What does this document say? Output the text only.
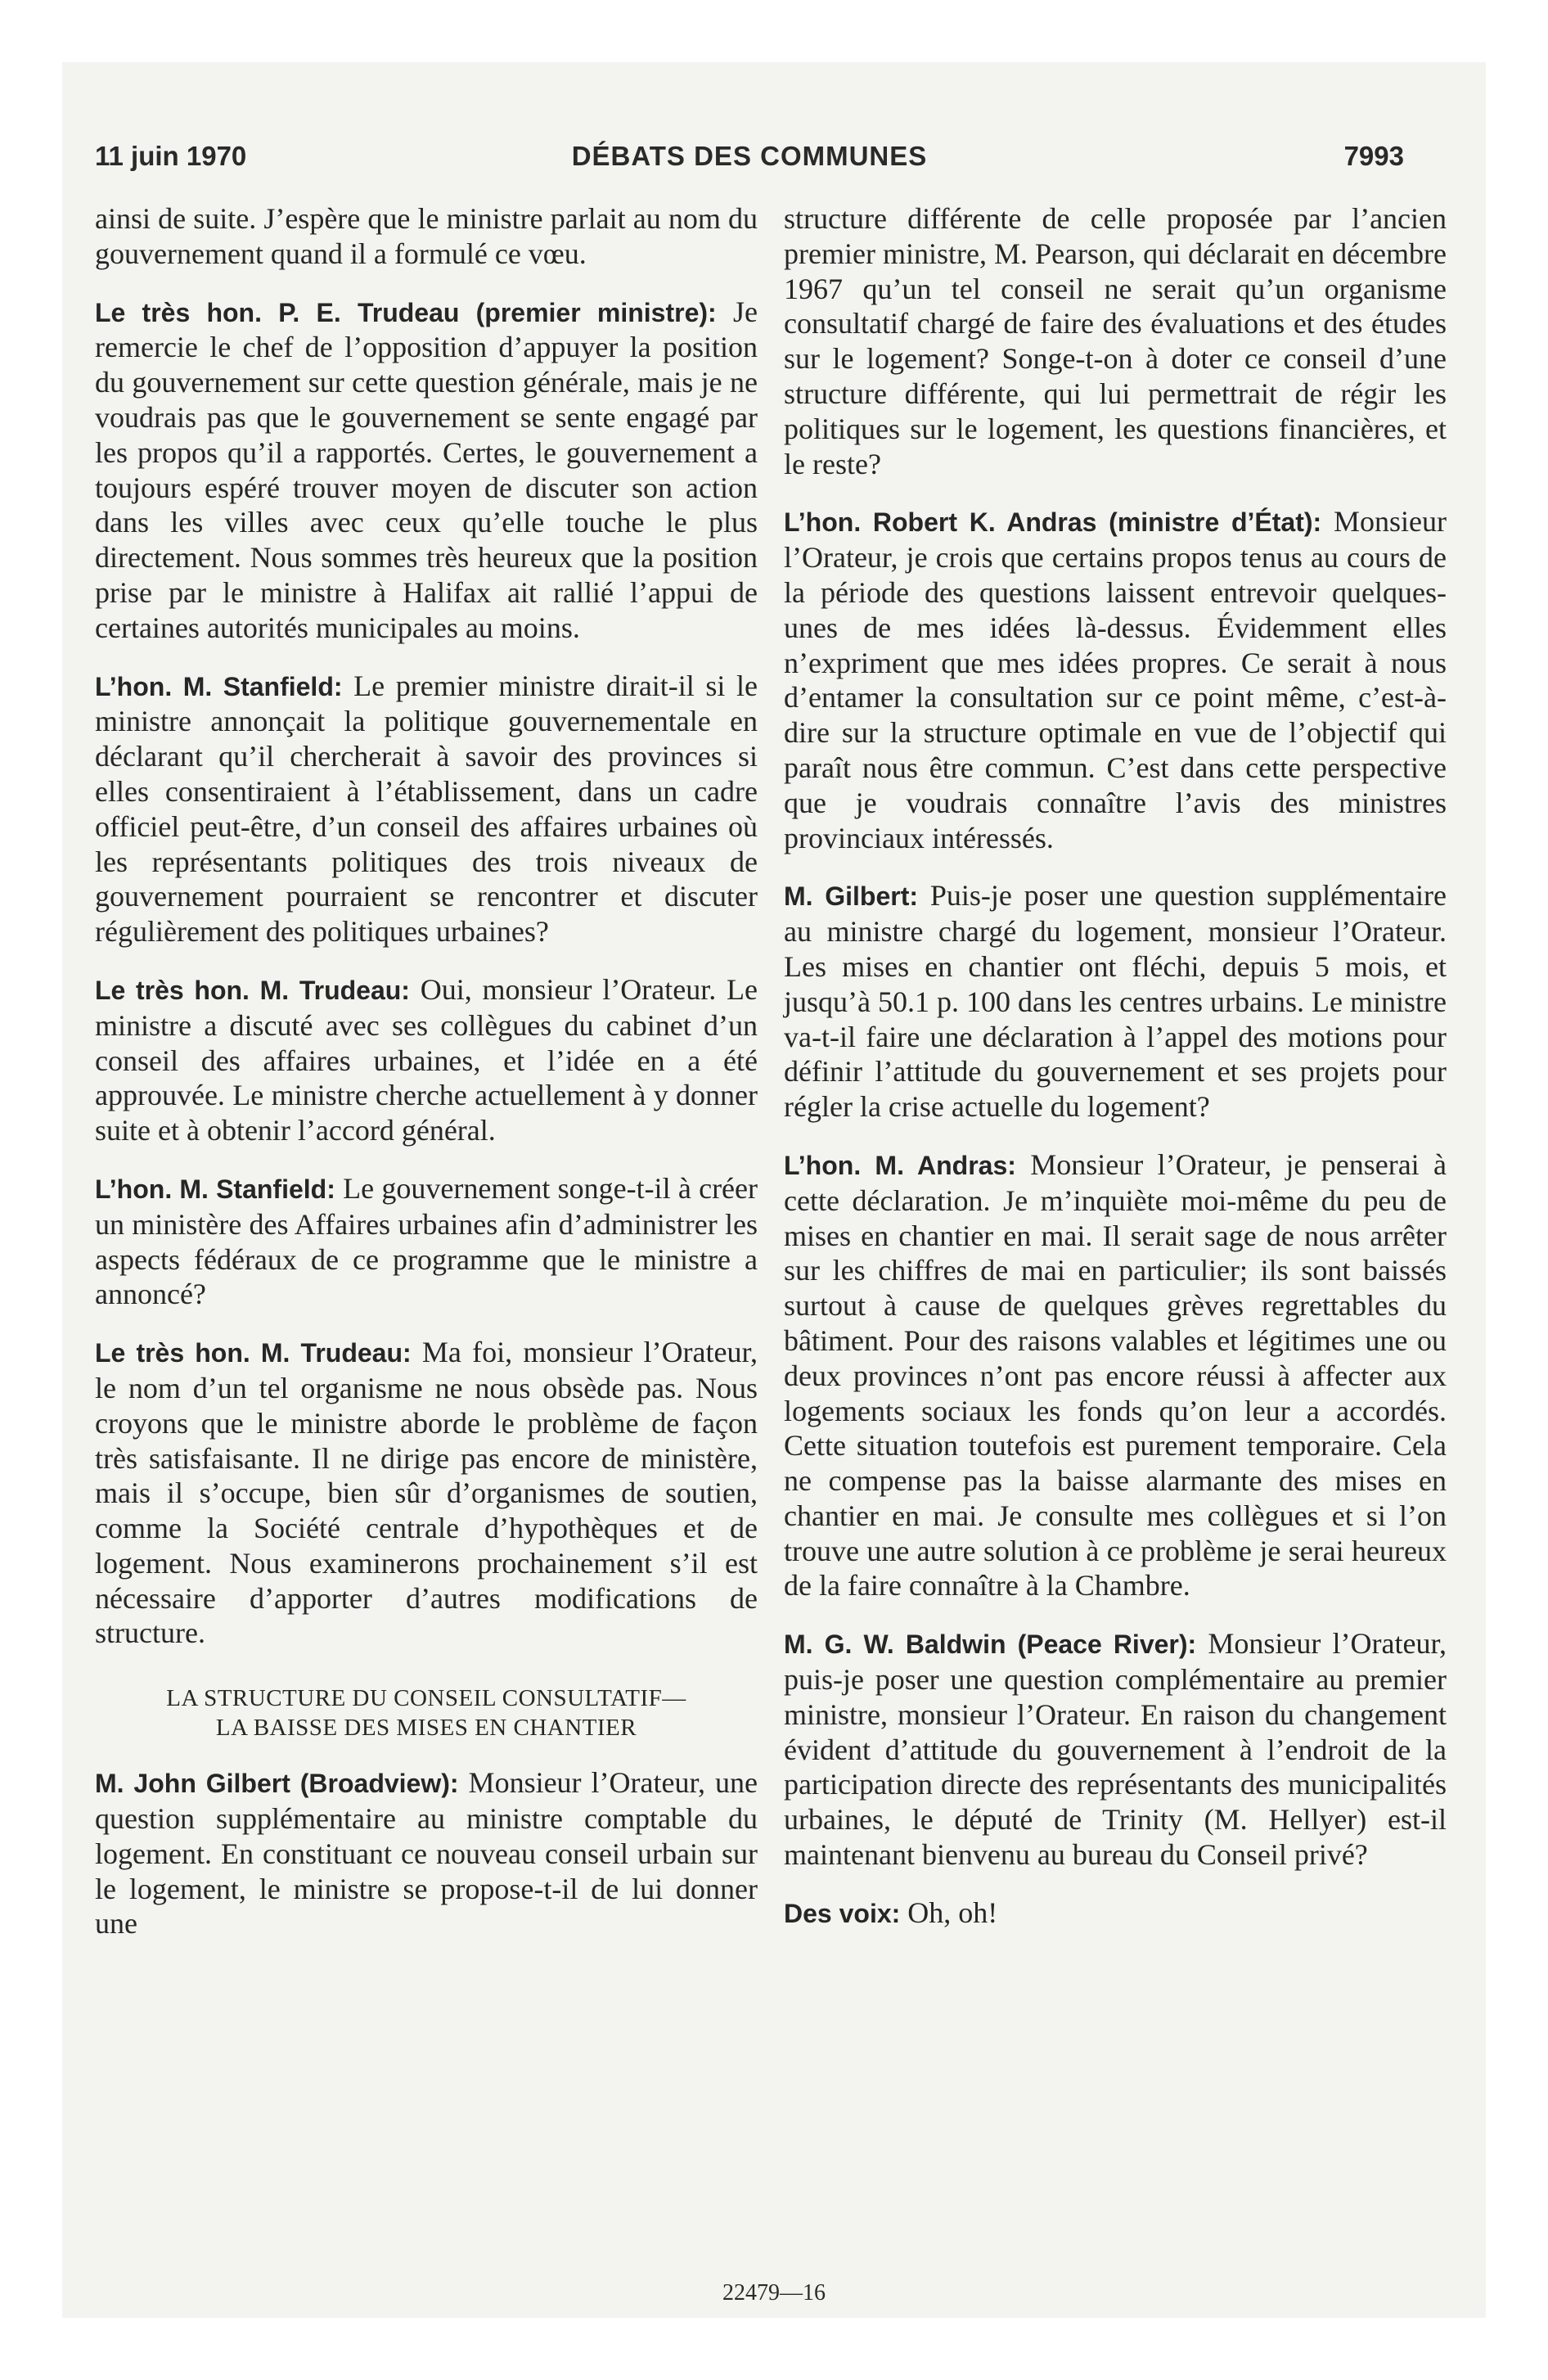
11 juin 1970	DÉBATS DES COMMUNES	7993

ainsi de suite. J’espère que le ministre parlait au nom du gouvernement quand il a formulé ce vœu.

Le très hon. P. E. Trudeau (premier ministre): Je remercie le chef de l’opposition d’appuyer la position du gouvernement sur cette question générale, mais je ne voudrais pas que le gouvernement se sente engagé par les propos qu’il a rapportés. Certes, le gouvernement a toujours espéré trouver moyen de discuter son action dans les villes avec ceux qu’elle touche le plus directement. Nous sommes très heureux que la position prise par le ministre à Halifax ait rallié l’appui de certaines autorités municipales au moins.

L’hon. M. Stanfield: Le premier ministre dirait-il si le ministre annonçait la politique gouvernementale en déclarant qu’il chercherait à savoir des provinces si elles consentiraient à l’établissement, dans un cadre officiel peut-être, d’un conseil des affaires urbaines où les représentants politiques des trois niveaux de gouvernement pourraient se rencontrer et discuter régulièrement des politiques urbaines?

Le très hon. M. Trudeau: Oui, monsieur l’Orateur. Le ministre a discuté avec ses collègues du cabinet d’un conseil des affaires urbaines, et l’idée en a été approuvée. Le ministre cherche actuellement à y donner suite et à obtenir l’accord général.

L’hon. M. Stanfield: Le gouvernement songe-t-il à créer un ministère des Affaires urbaines afin d’administrer les aspects fédéraux de ce programme que le ministre a annoncé?

Le très hon. M. Trudeau: Ma foi, monsieur l’Orateur, le nom d’un tel organisme ne nous obsède pas. Nous croyons que le ministre aborde le problème de façon très satisfaisante. Il ne dirige pas encore de ministère, mais il s’occupe, bien sûr d’organismes de soutien, comme la Société centrale d’hypothèques et de logement. Nous examinerons prochainement s’il est nécessaire d’apporter d’autres modifications de structure.

LA STRUCTURE DU CONSEIL CONSULTATIF—
LA BAISSE DES MISES EN CHANTIER

M. John Gilbert (Broadview): Monsieur l’Orateur, une question supplémentaire au ministre comptable du logement. En constituant ce nouveau conseil urbain sur le logement, le ministre se propose-t-il de lui donner une

structure différente de celle proposée par l’ancien premier ministre, M. Pearson, qui déclarait en décembre 1967 qu’un tel conseil ne serait qu’un organisme consultatif chargé de faire des évaluations et des études sur le logement? Songe-t-on à doter ce conseil d’une structure différente, qui lui permettrait de régir les politiques sur le logement, les questions financières, et le reste?

L’hon. Robert K. Andras (ministre d’État): Monsieur l’Orateur, je crois que certains propos tenus au cours de la période des questions laissent entrevoir quelques-unes de mes idées là-dessus. Évidemment elles n’expriment que mes idées propres. Ce serait à nous d’entamer la consultation sur ce point même, c’est-à-dire sur la structure optimale en vue de l’objectif qui paraît nous être commun. C’est dans cette perspective que je voudrais connaître l’avis des ministres provinciaux intéressés.

M. Gilbert: Puis-je poser une question supplémentaire au ministre chargé du logement, monsieur l’Orateur. Les mises en chantier ont fléchi, depuis 5 mois, et jusqu’à 50.1 p. 100 dans les centres urbains. Le ministre va-t-il faire une déclaration à l’appel des motions pour définir l’attitude du gouvernement et ses projets pour régler la crise actuelle du logement?

L’hon. M. Andras: Monsieur l’Orateur, je penserai à cette déclaration. Je m’inquiète moi-même du peu de mises en chantier en mai. Il serait sage de nous arrêter sur les chiffres de mai en particulier; ils sont baissés surtout à cause de quelques grèves regrettables du bâtiment. Pour des raisons valables et légitimes une ou deux provinces n’ont pas encore réussi à affecter aux logements sociaux les fonds qu’on leur a accordés. Cette situation toutefois est purement temporaire. Cela ne compense pas la baisse alarmante des mises en chantier en mai. Je consulte mes collègues et si l’on trouve une autre solution à ce problème je serai heureux de la faire connaître à la Chambre.

M. G. W. Baldwin (Peace River): Monsieur l’Orateur, puis-je poser une question complémentaire au premier ministre, monsieur l’Orateur. En raison du changement évident d’attitude du gouvernement à l’endroit de la participation directe des représentants des municipalités urbaines, le député de Trinity (M. Hellyer) est-il maintenant bienvenu au bureau du Conseil privé?

Des voix: Oh, oh!

22479—16
